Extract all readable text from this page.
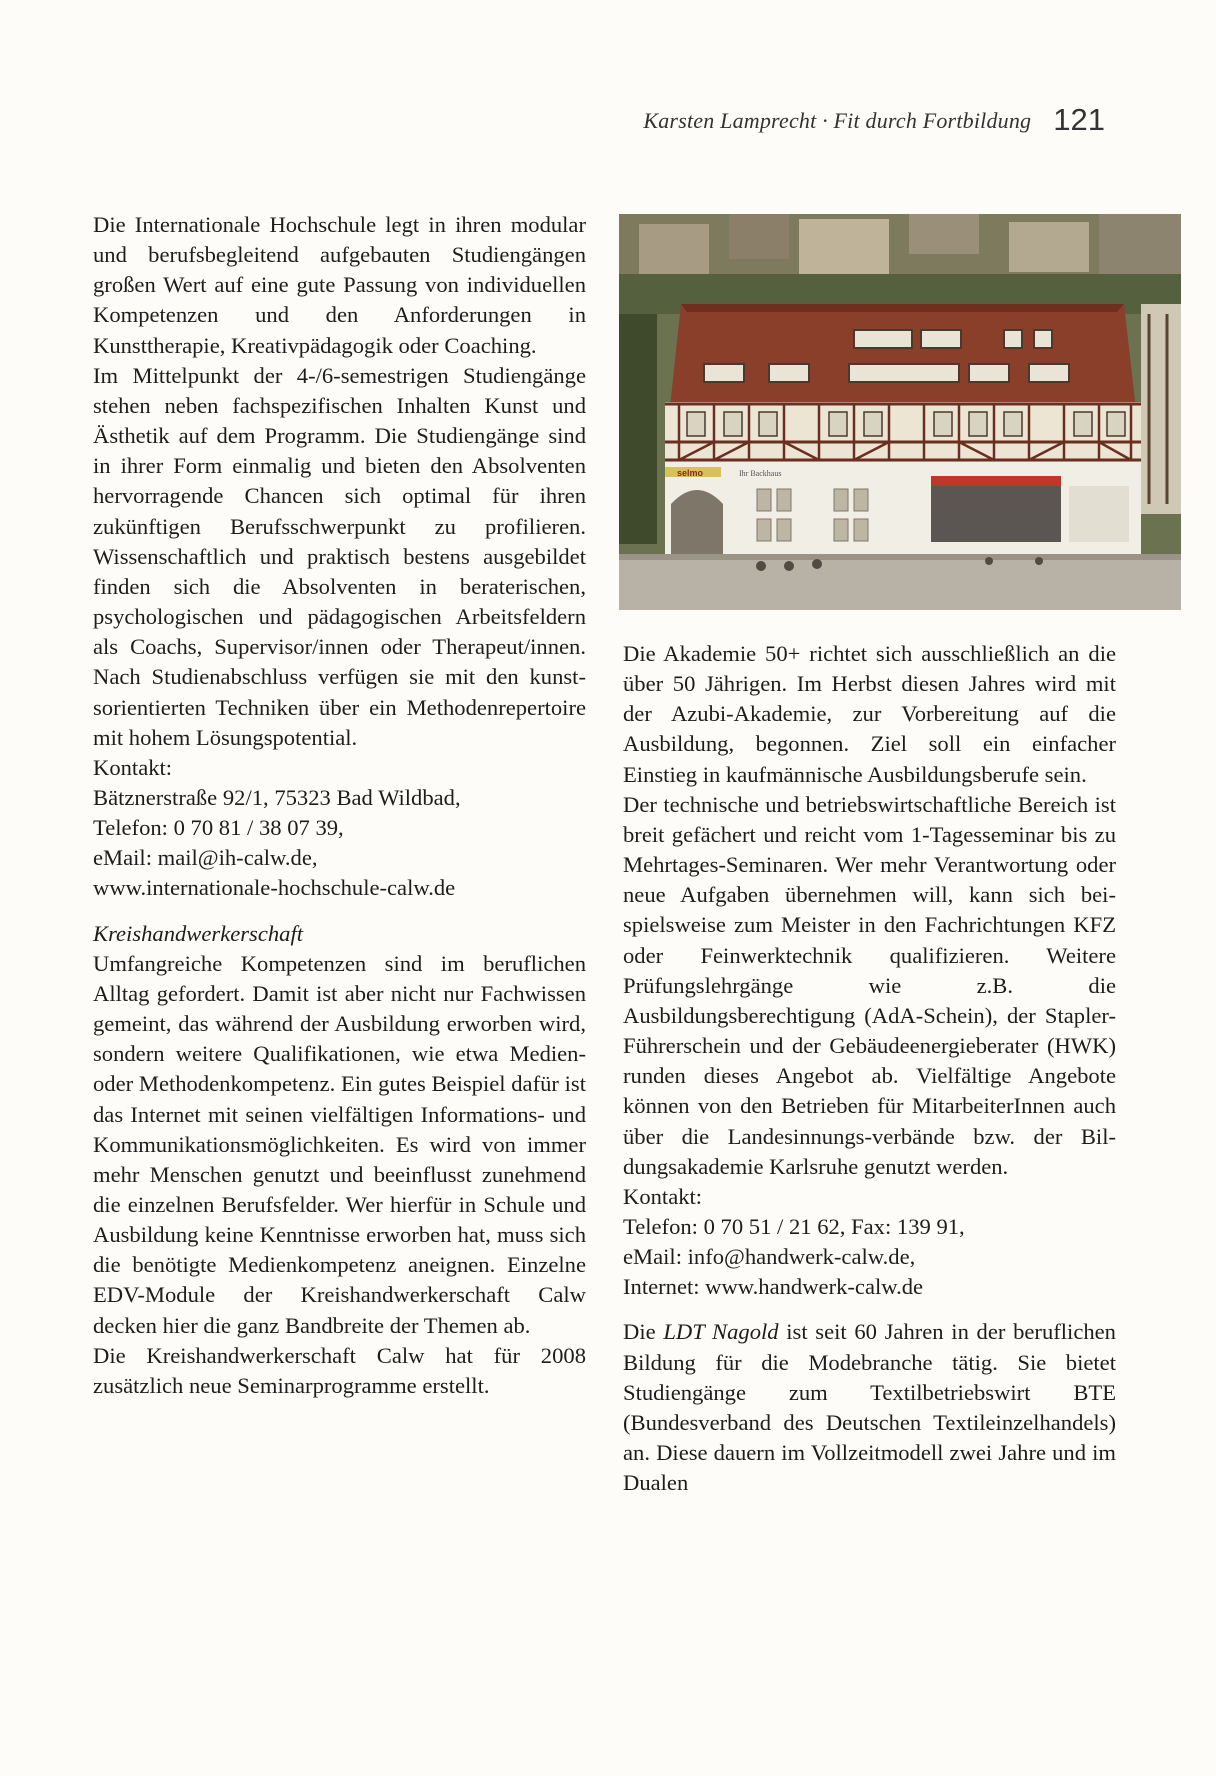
Karsten Lamprecht · Fit durch Fortbildung 121

Die Internationale Hochschule legt in ihren modular und berufsbegleitend aufgebauten Studiengängen großen Wert auf eine gute Passung von individuellen Kompetenzen und den Anforderungen in Kunsttherapie, Kreativpädagogik oder Coaching.

Im Mittelpunkt der 4-/6-semestrigen Studiengänge stehen neben fachspezifischen Inhalten Kunst und Ästhetik auf dem Programm. Die Studiengänge sind in ihrer Form einmalig und bieten den Absolventen hervorragende Chancen sich optimal für ihren zukünftigen Berufsschwerpunkt zu profilieren. Wissenschaftlich und praktisch bestens ausgebildet finden sich die Absolventen in beraterischen, psychologischen und pädagogischen Arbeitsfeldern als Coachs, Supervisor/innen oder Therapeut/innen. Nach Studienabschluss verfügen sie mit den kunstsorientierten Techniken über ein Methodenrepertoire mit hohem Lösungspotential.

Kontakt:

Bätznerstraße 92/1, 75323 Bad Wildbad,

Telefon: 0 70 81 / 38 07 39,

eMail: mail@ih-calw.de,

www.internationale-hochschule-calw.de

Kreishandwerkerschaft

Umfangreiche Kompetenzen sind im beruflichen Alltag gefordert. Damit ist aber nicht nur Fachwissen gemeint, das während der Ausbildung erworben wird, sondern weitere Qualifikationen, wie etwa Medien- oder Methodenkompetenz. Ein gutes Beispiel dafür ist das Internet mit seinen vielfältigen Informations- und Kommunikationsmöglichkeiten. Es wird von immer mehr Menschen genutzt und beeinflusst zunehmend die einzelnen Berufsfelder. Wer hierfür in Schule und Ausbildung keine Kenntnisse erworben hat, muss sich die benötigte Medienkompetenz aneignen. Einzelne EDV-Module der Kreishandwerkerschaft Calw decken hier die ganz Bandbreite der Themen ab.

Die Kreishandwerkerschaft Calw hat für 2008 zusätzlich neue Seminarprogramme erstellt.

selmo	Ihr Backhaus

Die Akademie 50+ richtet sich ausschließlich an die über 50 Jährigen. Im Herbst diesen Jahres wird mit der Azubi-Akademie, zur Vorbereitung auf die Ausbildung, begonnen. Ziel soll ein einfacher Einstieg in kaufmännische Ausbildungsberufe sein.

Der technische und betriebswirtschaftliche Bereich ist breit gefächert und reicht vom 1-Tagesseminar bis zu Mehrtages-Seminaren. Wer mehr Verantwortung oder neue Aufgaben übernehmen will, kann sich beispielsweise zum Meister in den Fachrichtungen KFZ oder Feinwerktechnik qualifizieren. Weitere Prüfungslehrgänge wie z.B. die Ausbildungsberechtigung (AdA-Schein), der Stapler-Führerschein und der Gebäudeenergieberater (HWK) runden dieses Angebot ab. Vielfältige Angebote können von den Betrieben für MitarbeiterInnen auch über die Landesinnungs-verbände bzw. der Bildungsakademie Karlsruhe genutzt werden.

Kontakt:

Telefon: 0 70 51 / 21 62, Fax: 139 91,

eMail: info@handwerk-calw.de,

Internet: www.handwerk-calw.de

Die LDT Nagold ist seit 60 Jahren in der beruflichen Bildung für die Modebranche tätig. Sie bietet Studiengänge zum Textilbetriebswirt BTE (Bundesverband des Deutschen Textileinzelhandels) an. Diese dauern im Vollzeitmodell zwei Jahre und im Dualen
